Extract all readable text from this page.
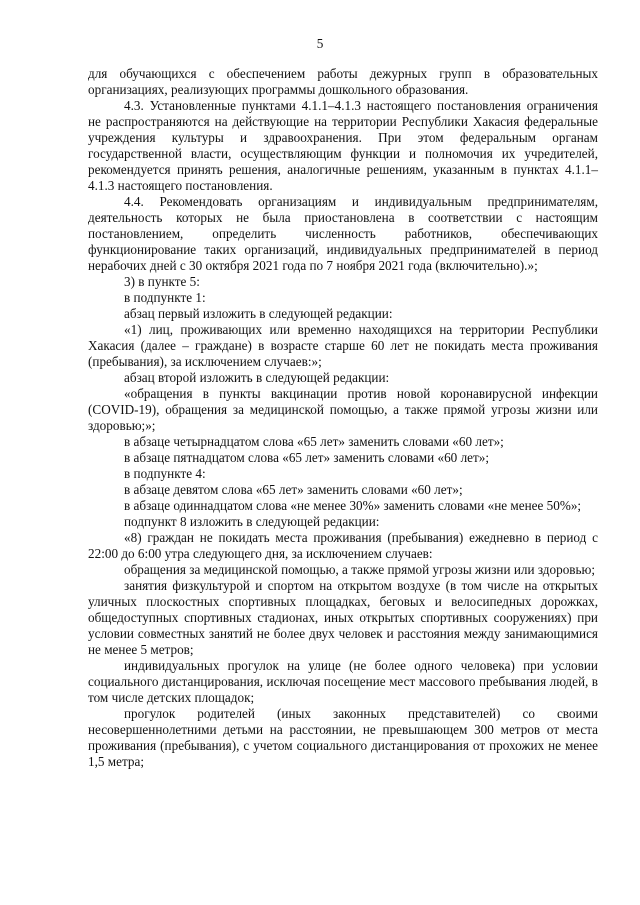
5

для обучающихся с обеспечением работы дежурных групп в образовательных организациях, реализующих программы дошкольного образования.

4.3. Установленные пунктами 4.1.1–4.1.3 настоящего постановления ограничения не распространяются на действующие на территории Республики Хакасия федеральные учреждения культуры и здравоохранения. При этом федеральным органам государственной власти, осуществляющим функции и полномочия их учредителей, рекомендуется принять решения, аналогичные решениям, указанным в пунктах 4.1.1–4.1.3 настоящего постановления.

4.4. Рекомендовать организациям и индивидуальным предпринимателям, деятельность которых не была приостановлена в соответствии с настоящим постановлением, определить численность работников, обеспечивающих функционирование таких организаций, индивидуальных предпринимателей в период нерабочих дней с 30 октября 2021 года по 7 ноября 2021 года (включительно).»;

3) в пункте 5:

в подпункте 1:

абзац первый изложить в следующей редакции:

«1) лиц, проживающих или временно находящихся на территории Республики Хакасия (далее – граждане) в возрасте старше 60 лет не покидать места проживания (пребывания), за исключением случаев:»;

абзац второй изложить в следующей редакции:

«обращения в пункты вакцинации против новой коронавирусной инфекции (COVID-19), обращения за медицинской помощью, а также прямой угрозы жизни или здоровью;»;

в абзаце четырнадцатом слова «65 лет» заменить словами «60 лет»;

в абзаце пятнадцатом слова «65 лет» заменить словами «60 лет»;

в подпункте 4:

в абзаце девятом слова «65 лет» заменить словами «60 лет»;

в абзаце одиннадцатом слова «не менее 30%» заменить словами «не менее 50%»;

подпункт 8 изложить в следующей редакции:

«8) граждан не покидать места проживания (пребывания) ежедневно в период с 22:00 до 6:00 утра следующего дня, за исключением случаев:

обращения за медицинской помощью, а также прямой угрозы жизни или здоровью;

занятия физкультурой и спортом на открытом воздухе (в том числе на открытых уличных плоскостных спортивных площадках, беговых и велосипедных дорожках, общедоступных спортивных стадионах, иных открытых спортивных сооружениях) при условии совместных занятий не более двух человек и расстояния между занимающимися не менее 5 метров;

индивидуальных прогулок на улице (не более одного человека) при условии социального дистанцирования, исключая посещение мест массового пребывания людей, в том числе детских площадок;

прогулок родителей (иных законных представителей) со своими несовершеннолетними детьми на расстоянии, не превышающем 300 метров от места проживания (пребывания), с учетом социального дистанцирования от прохожих не менее 1,5 метра;
